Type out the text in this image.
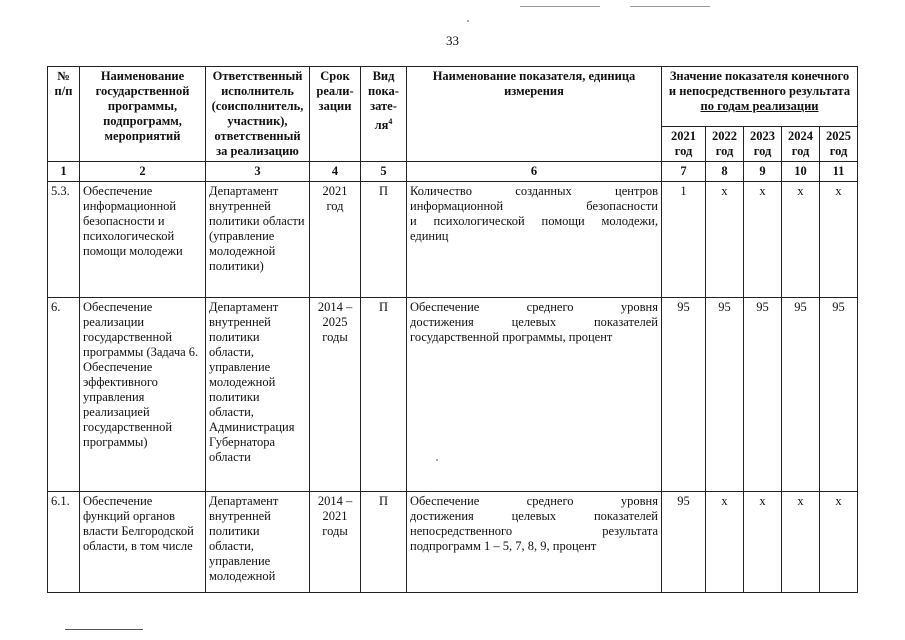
33
№ п/п	Наименование государственной программы, подпрограмм, мероприятий	Ответственный исполнитель (соисполнитель, участник), ответственный за реализацию	Срок реали-зации	Вид пока-$зате-ля^4$	Наименование показателя, единица измерения	Значение показателя конечного и непосредственного результата
по годам реализации				
						2021 год	2022 год	2023 год	2024 год	2025 год
1	2	3	4	5	6	7	8	9	10	11
5.3.	Обеспечение информационной безопасности и психологической помощи молодежи	Департамент внутренней политики области (управление молодежной политики)	2021 год	П	Количество созданных центров
информационной безопасности
и психологической помощи молодежи, единиц	1	х	х	х	х
6.	Обеспечение реализации государственной программы (Задача 6. Обеспечение эффективного управления реализацией государственной программы)	Департамент внутренней политики области, управление молодежной политики области, Администрация Губернатора области	2014 – 2025 годы	П	Обеспечение среднего уровня
достижения целевых показателей
государственной программы, процент	95	95	95	95	95
6.1.	Обеспечение функций органов власти Белгородской области, в том числе	Департамент внутренней политики области, управление молодежной	2014 – 2021 годы	П	Обеспечение среднего уровня
достижения целевых показателей
непосредственного результата
подпрограмм 1 – 5, 7, 8, 9, процент	95	х	х	х	х
